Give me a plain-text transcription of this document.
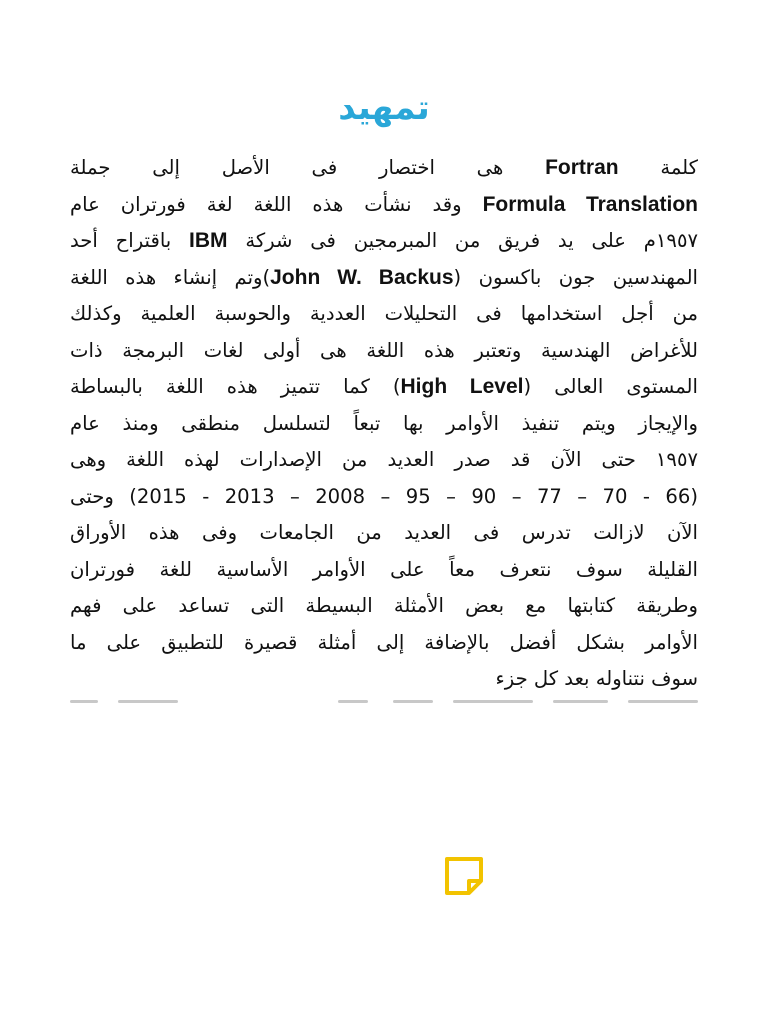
تمهيد
كلمة Fortran هى اختصار فى الأصل إلى جملة
Formula Translation وقد نشأت هذه اللغة لغة فورتران عام
١٩٥٧م على يد فريق من المبرمجين فى شركة IBM باقتراح أحد
المهندسين جون باكسون (John W. Backus)وتم إنشاء هذه اللغة
من أجل استخدامها فى التحليلات العددية والحوسبة العلمية وكذلك
للأغراض الهندسية وتعتبر هذه اللغة هى أولى لغات البرمجة ذات
المستوى العالى (High Level) كما تتميز هذه اللغة بالبساطة
والإيجاز ويتم تنفيذ الأوامر بها تبعاً لتسلسل منطقى ومنذ عام
١٩٥٧ حتى الآن قد صدر العديد من الإصدارات لهذه اللغة وهى
(66 - 70 – 77 – 90 – 95 – 2008 – 2013 - 2015) وحتى
الآن لازالت تدرس فى العديد من الجامعات وفى هذه الأوراق
القليلة سوف نتعرف معاً على الأوامر الأساسية للغة فورتران
وطريقة كتابتها مع بعض الأمثلة البسيطة التى تساعد على فهم
الأوامر بشكل أفضل بالإضافة إلى أمثلة قصيرة للتطبيق على ما
سوف نتناوله بعد كل جزء
